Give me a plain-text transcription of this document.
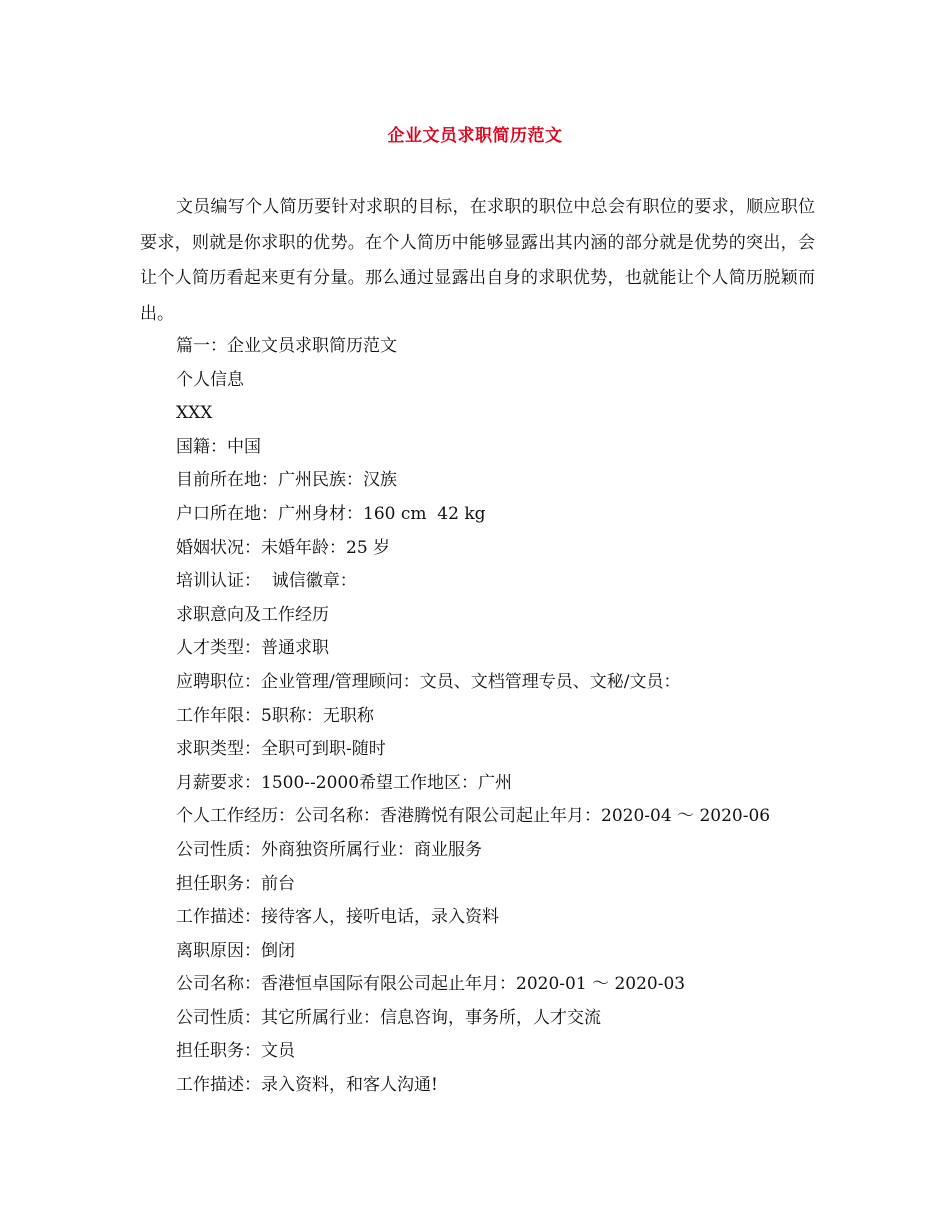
企业文员求职简历范文

文员编写个人简历要针对求职的目标，在求职的职位中总会有职位的要求，顺应职位要求，则就是你求职的优势。在个人简历中能够显露出其内涵的部分就是优势的突出，会让个人简历看起来更有分量。那么通过显露出自身的求职优势，也就能让个人简历脱颖而出。

篇一：企业文员求职简历范文
个人信息
XXX
国籍：中国
目前所在地：广州民族：汉族
户口所在地：广州身材：160 cm  42 kg
婚姻状况：未婚年龄：25 岁
培训认证：  诚信徽章：
求职意向及工作经历
人才类型：普通求职
应聘职位：企业管理/管理顾问：文员、文档管理专员、文秘/文员：
工作年限：5职称：无职称
求职类型：全职可到职-随时
月薪要求：1500--2000希望工作地区：广州
个人工作经历：公司名称：香港腾悦有限公司起止年月：2020-04 ～ 2020-06
公司性质：外商独资所属行业：商业服务
担任职务：前台
工作描述：接待客人，接听电话，录入资料
离职原因：倒闭
公司名称：香港恒卓国际有限公司起止年月：2020-01 ～ 2020-03
公司性质：其它所属行业：信息咨询，事务所，人才交流
担任职务：文员
工作描述：录入资料，和客人沟通!
